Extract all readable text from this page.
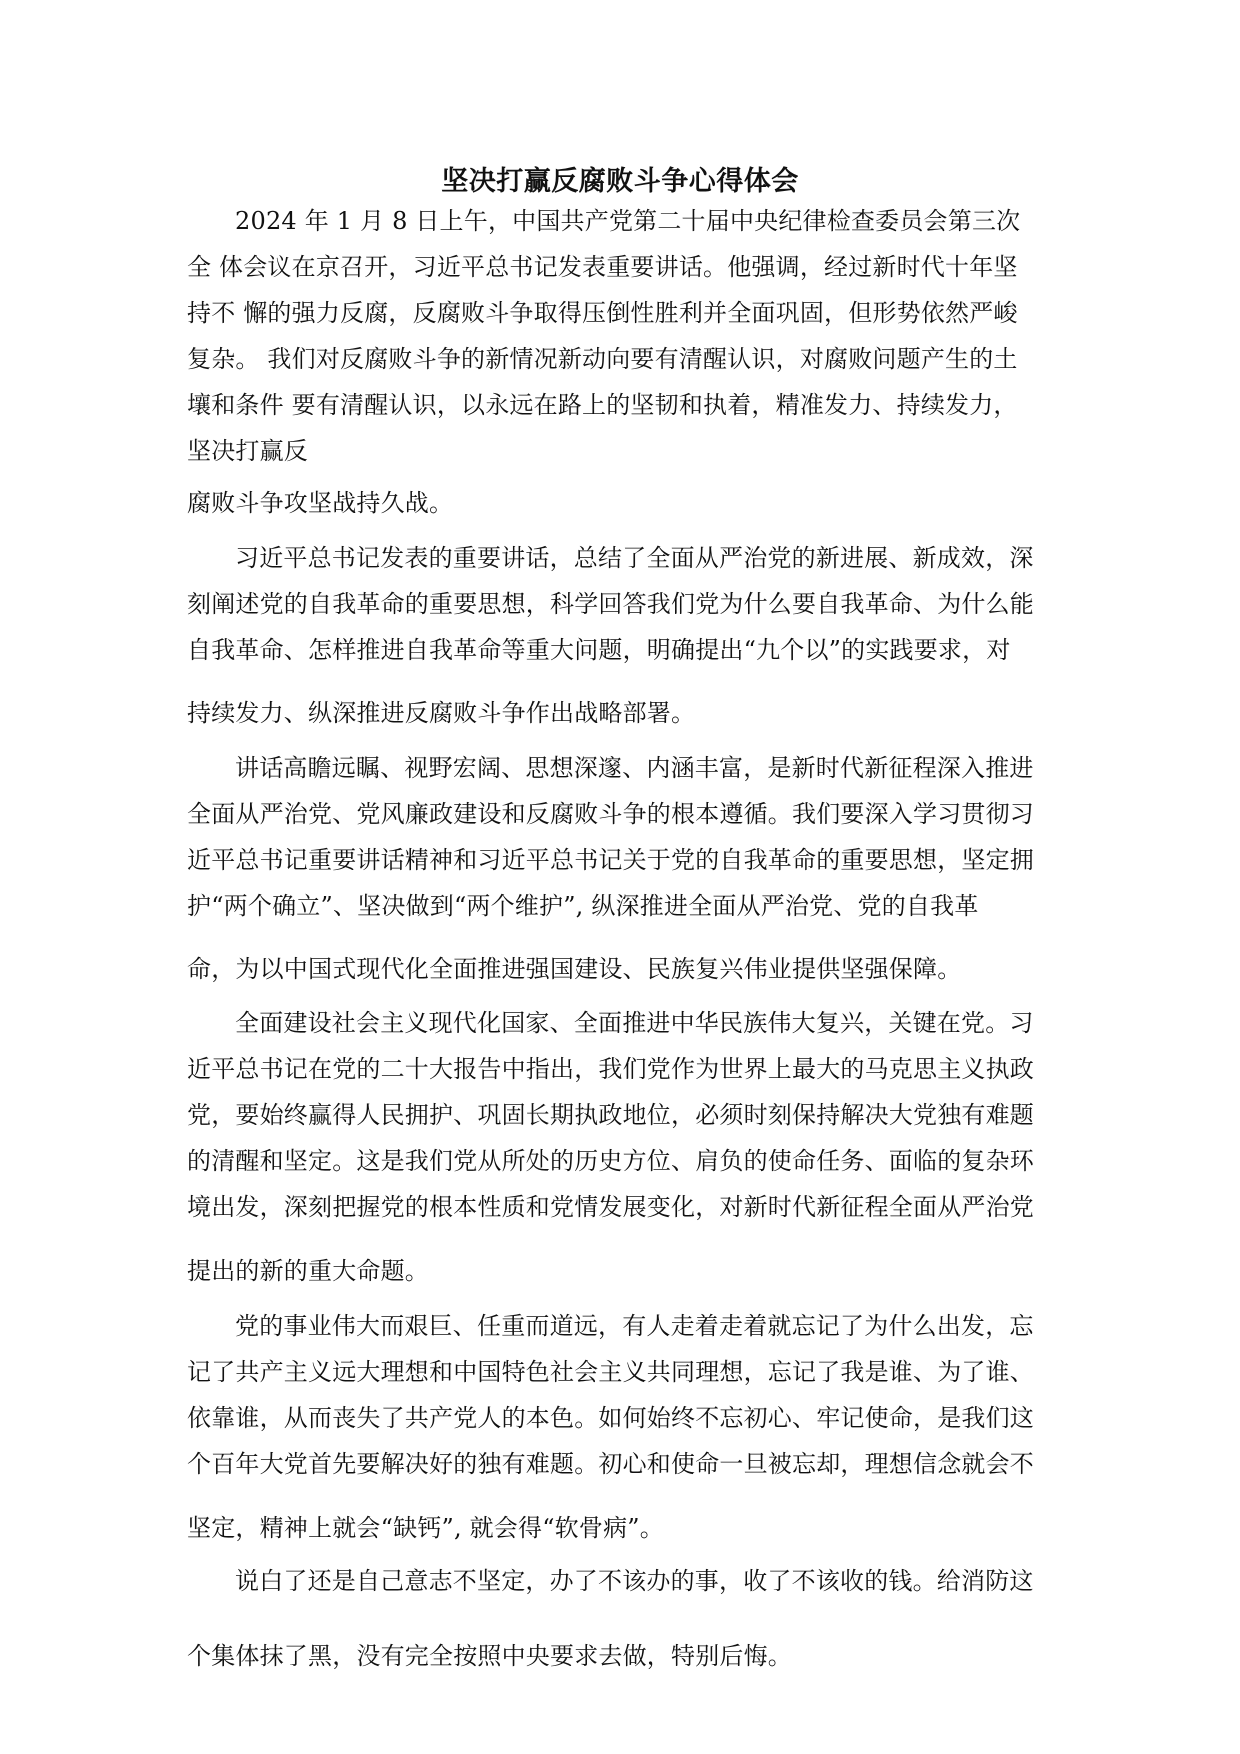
坚决打赢反腐败斗争心得体会

2024 年 1 月 8 日上午，中国共产党第二十届中央纪律检查委员会第三次
全 体会议在京召开，习近平总书记发表重要讲话。他强调，经过新时代十年坚
持不 懈的强力反腐，反腐败斗争取得压倒性胜利并全面巩固，但形势依然严峻
复杂。 我们对反腐败斗争的新情况新动向要有清醒认识，对腐败问题产生的土
壤和条件 要有清醒认识，以永远在路上的坚韧和执着，精准发力、持续发力，
坚决打赢反

腐败斗争攻坚战持久战。

习近平总书记发表的重要讲话，总结了全面从严治党的新进展、新成效，深
刻阐述党的自我革命的重要思想，科学回答我们党为什么要自我革命、为什么能
自我革命、怎样推进自我革命等重大问题，明确提出“九个以”的实践要求，对

持续发力、纵深推进反腐败斗争作出战略部署。

讲话高瞻远瞩、视野宏阔、思想深邃、内涵丰富，是新时代新征程深入推进
全面从严治党、党风廉政建设和反腐败斗争的根本遵循。我们要深入学习贯彻习
近平总书记重要讲话精神和习近平总书记关于党的自我革命的重要思想，坚定拥
护“两个确立”、坚决做到“两个维护”, 纵深推进全面从严治党、党的自我革

命，为以中国式现代化全面推进强国建设、民族复兴伟业提供坚强保障。

全面建设社会主义现代化国家、全面推进中华民族伟大复兴，关键在党。习
近平总书记在党的二十大报告中指出，我们党作为世界上最大的马克思主义执政
党，要始终赢得人民拥护、巩固长期执政地位，必须时刻保持解决大党独有难题
的清醒和坚定。这是我们党从所处的历史方位、肩负的使命任务、面临的复杂环
境出发，深刻把握党的根本性质和党情发展变化，对新时代新征程全面从严治党

提出的新的重大命题。

党的事业伟大而艰巨、任重而道远，有人走着走着就忘记了为什么出发，忘
记了共产主义远大理想和中国特色社会主义共同理想，忘记了我是谁、为了谁、
依靠谁，从而丧失了共产党人的本色。如何始终不忘初心、牢记使命，是我们这
个百年大党首先要解决好的独有难题。初心和使命一旦被忘却，理想信念就会不

坚定，精神上就会“缺钙”, 就会得“软骨病”。

说白了还是自己意志不坚定，办了不该办的事，收了不该收的钱。给消防这

个集体抹了黑，没有完全按照中央要求去做，特别后悔。
